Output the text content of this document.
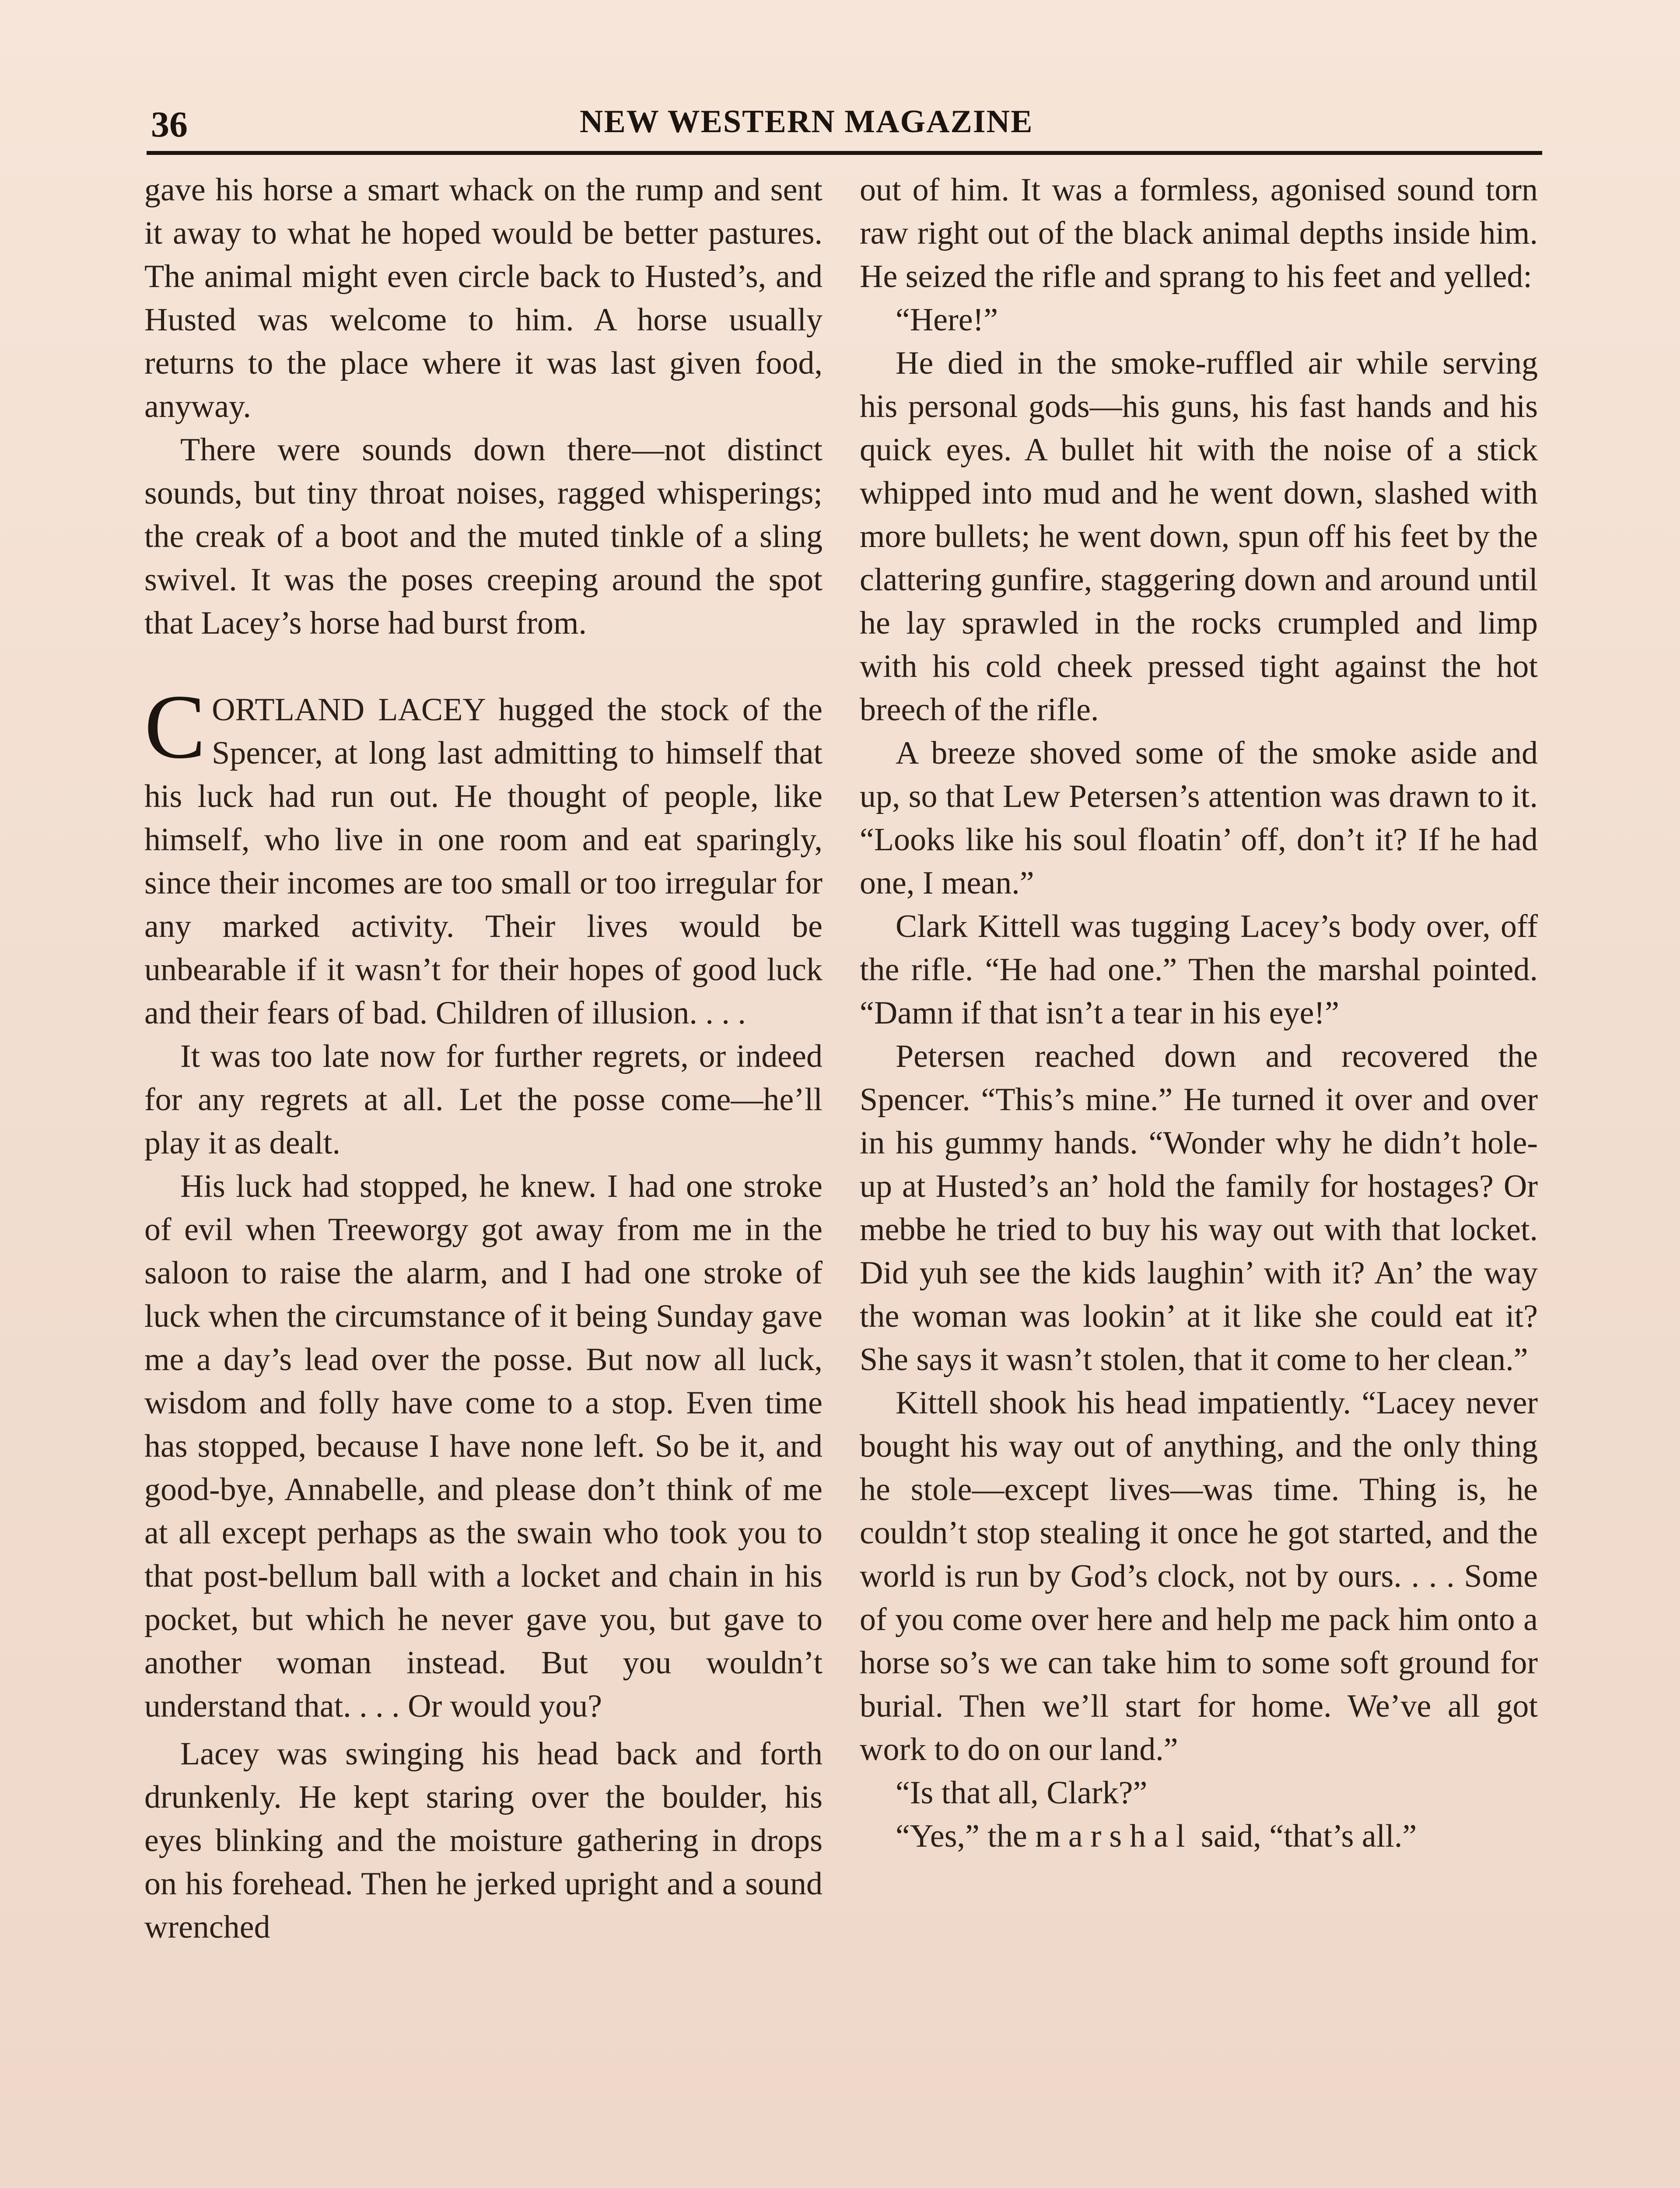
36	NEW WESTERN MAGAZINE

gave his horse a smart whack on the rump and sent it away to what he hoped would be better pastures. The animal might even circle back to Husted’s, and Husted was welcome to him. A horse usually returns to the place where it was last given food, anyway.

There were sounds down there—not distinct sounds, but tiny throat noises, ragged whisperings; the creak of a boot and the muted tinkle of a sling swivel. It was the poses creeping around the spot that Lacey’s horse had burst from.

CORTLAND LACEY hugged the stock of the Spencer, at long last admitting to himself that his luck had run out. He thought of people, like himself, who live in one room and eat sparingly, since their incomes are too small or too irregular for any marked activity. Their lives would be unbearable if it wasn’t for their hopes of good luck and their fears of bad. Children of illusion. . . .

It was too late now for further regrets, or indeed for any regrets at all. Let the posse come—he’ll play it as dealt.

His luck had stopped, he knew. I had one stroke of evil when Treeworgy got away from me in the saloon to raise the alarm, and I had one stroke of luck when the circumstance of it being Sunday gave me a day’s lead over the posse. But now all luck, wisdom and folly have come to a stop. Even time has stopped, because I have none left. So be it, and good-bye, Annabelle, and please don’t think of me at all except perhaps as the swain who took you to that post-bellum ball with a locket and chain in his pocket, but which he never gave you, but gave to another woman instead. But you wouldn’t understand that. . . . Or would you?

Lacey was swinging his head back and forth drunkenly. He kept staring over the boulder, his eyes blinking and the moisture gathering in drops on his forehead. Then he jerked upright and a sound wrenched

out of him. It was a formless, agonised sound torn raw right out of the black animal depths inside him. He seized the rifle and sprang to his feet and yelled:

“Here!”

He died in the smoke-ruffled air while serving his personal gods—his guns, his fast hands and his quick eyes. A bullet hit with the noise of a stick whipped into mud and he went down, slashed with more bullets; he went down, spun off his feet by the clattering gunfire, staggering down and around until he lay sprawled in the rocks crumpled and limp with his cold cheek pressed tight against the hot breech of the rifle.

A breeze shoved some of the smoke aside and up, so that Lew Petersen’s attention was drawn to it. “Looks like his soul floatin’ off, don’t it? If he had one, I mean.”

Clark Kittell was tugging Lacey’s body over, off the rifle. “He had one.” Then the marshal pointed. “Damn if that isn’t a tear in his eye!”

Petersen reached down and recovered the Spencer. “This’s mine.” He turned it over and over in his gummy hands. “Wonder why he didn’t hole-up at Husted’s an’ hold the family for hostages? Or mebbe he tried to buy his way out with that locket. Did yuh see the kids laughin’ with it? An’ the way the woman was lookin’ at it like she could eat it? She says it wasn’t stolen, that it come to her clean.”

Kittell shook his head impatiently. “Lacey never bought his way out of anything, and the only thing he stole—except lives—was time. Thing is, he couldn’t stop stealing it once he got started, and the world is run by God’s clock, not by ours. . . . Some of you come over here and help me pack him onto a horse so’s we can take him to some soft ground for burial. Then we’ll start for home. We’ve all got work to do on our land.”

“Is that all, Clark?”

“Yes,” the marshal said, “that’s all.”
